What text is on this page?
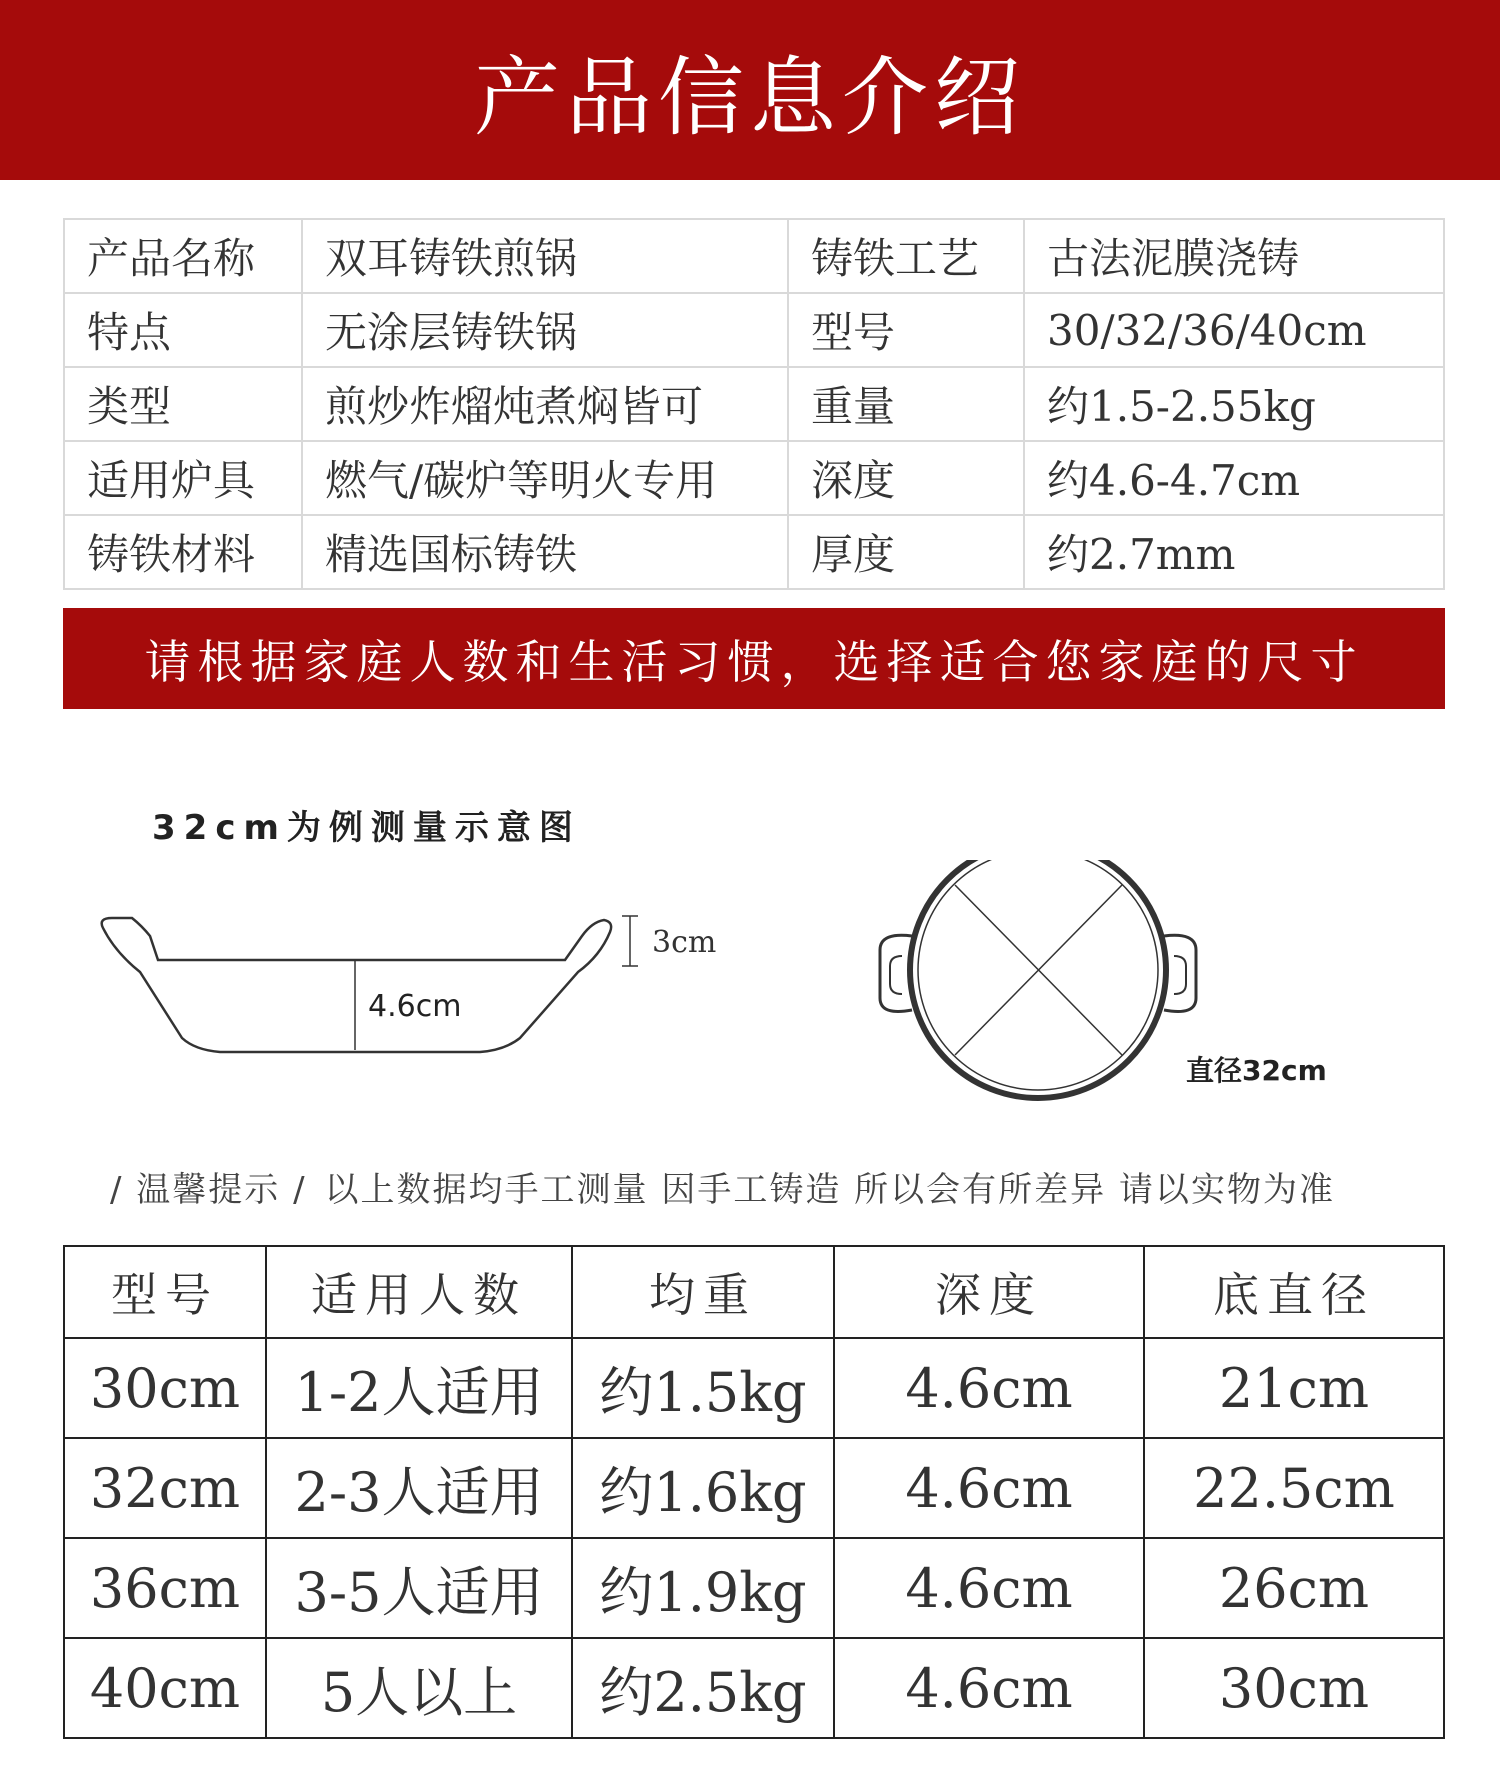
产品信息介绍
产品名称	双耳铸铁煎锅	铸铁工艺	古法泥膜浇铸
特点	无涂层铸铁锅	型号	30/32/36/40cm
类型	煎炒炸熘炖煮焖皆可	重量	约1.5-2.55kg
适用炉具	燃气/碳炉等明火专用	深度	约4.6-4.7cm
铸铁材料	精选国标铸铁	厚度	约2.7mm
请根据家庭人数和生活习惯，选择适合您家庭的尺寸
32cm为例测量示意图
4.6cm
3cm
直径32cm
/ 温馨提示 / 以上数据均手工测量 因手工铸造 所以会有所差异 请以实物为准
型号	适用人数	均重	深度	底直径
30cm	1-2人适用	约1.5kg	4.6cm	21cm
32cm	2-3人适用	约1.6kg	4.6cm	22.5cm
36cm	3-5人适用	约1.9kg	4.6cm	26cm
40cm	5人以上	约2.5kg	4.6cm	30cm
